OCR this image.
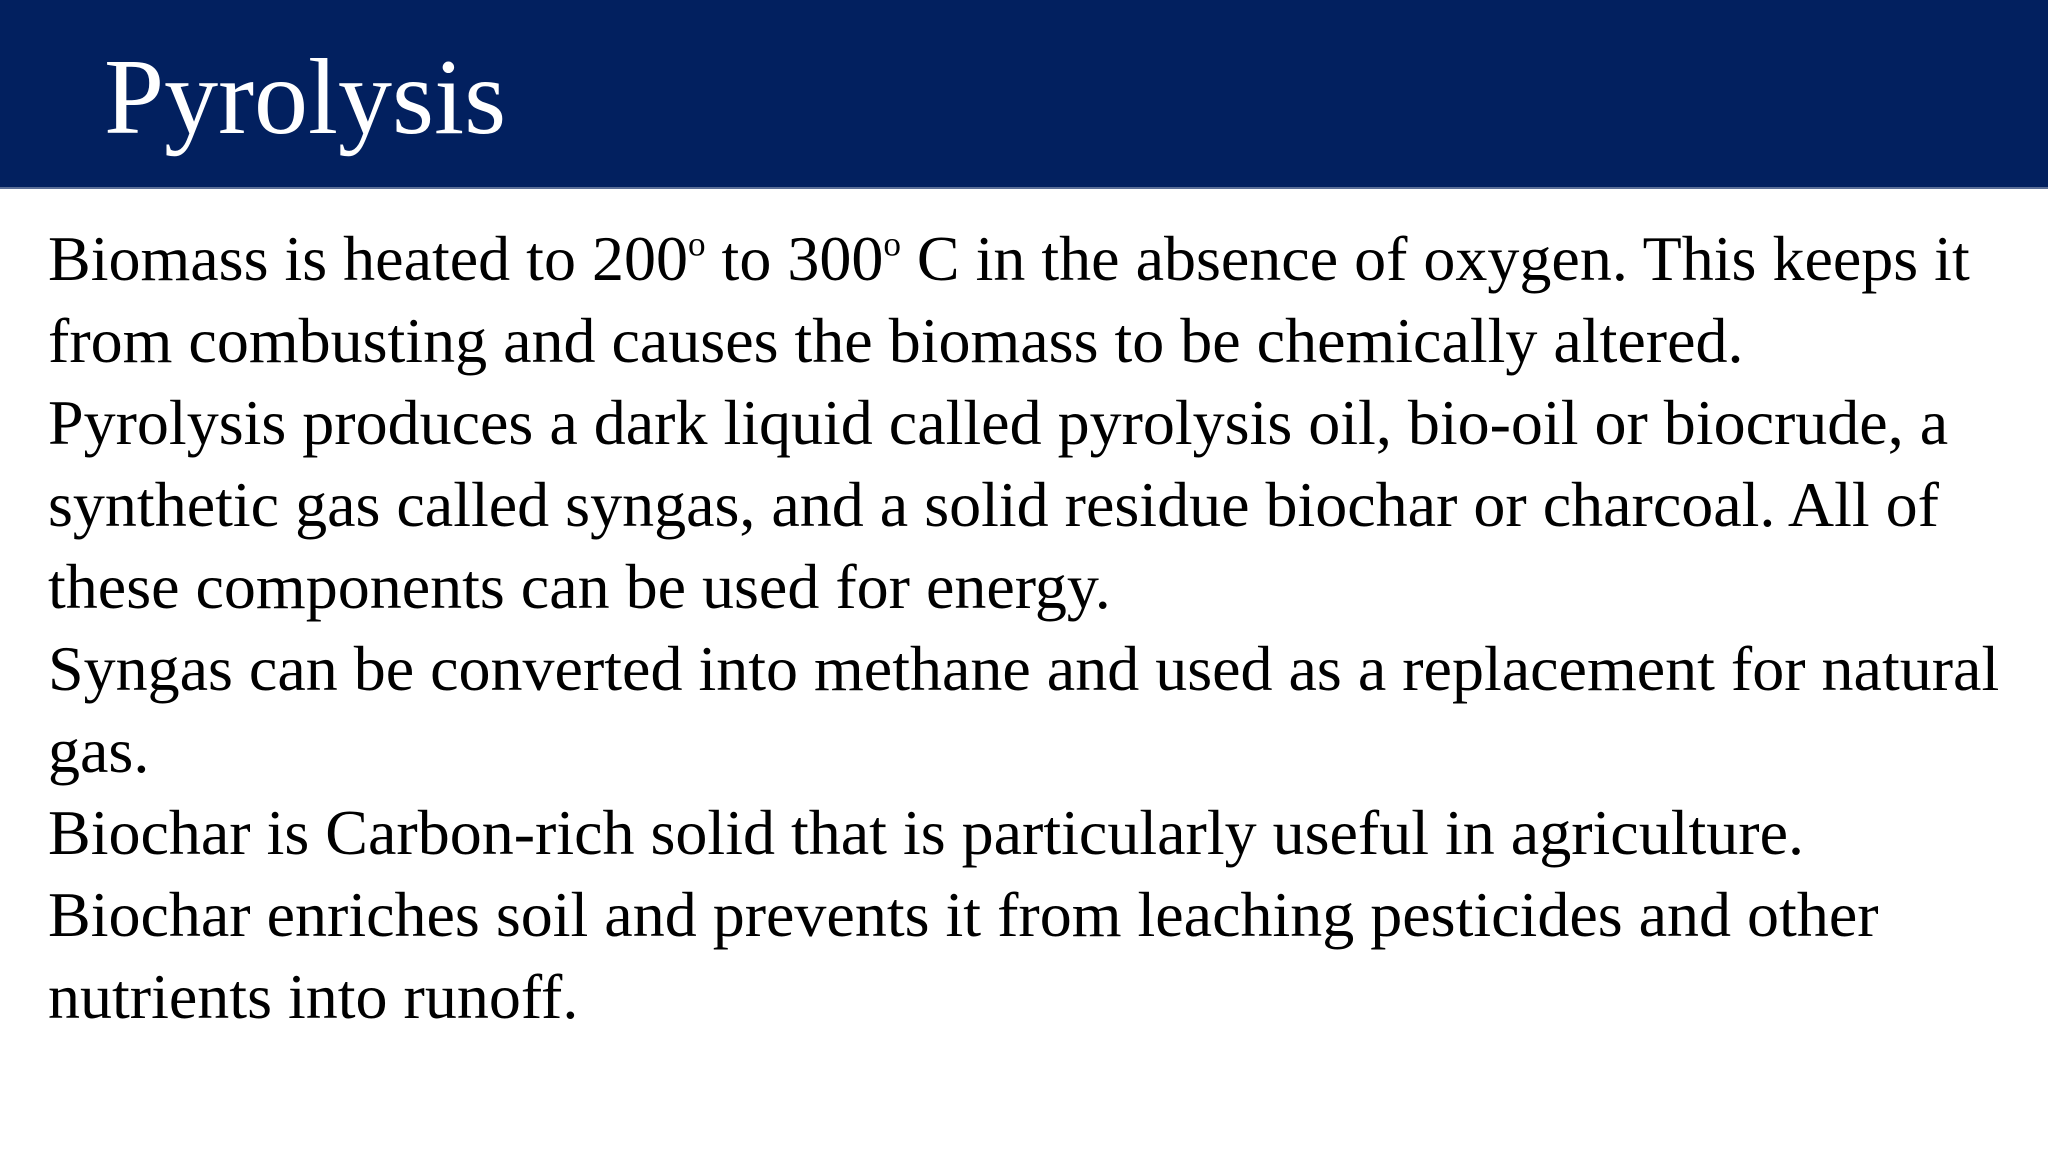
Pyrolysis

Biomass is heated to 200$^o$ to 300$^o$ C in the absence of oxygen. This keeps it from combusting and causes the biomass to be chemically altered.

Pyrolysis produces a dark liquid called pyrolysis oil, bio-oil or biocrude, a synthetic gas called syngas, and a solid residue biochar or charcoal. All of these components can be used for energy.

Syngas can be converted into methane and used as a replacement for natural gas.

Biochar is Carbon-rich solid that is particularly useful in agriculture. Biochar enriches soil and prevents it from leaching pesticides and other nutrients into runoff.
